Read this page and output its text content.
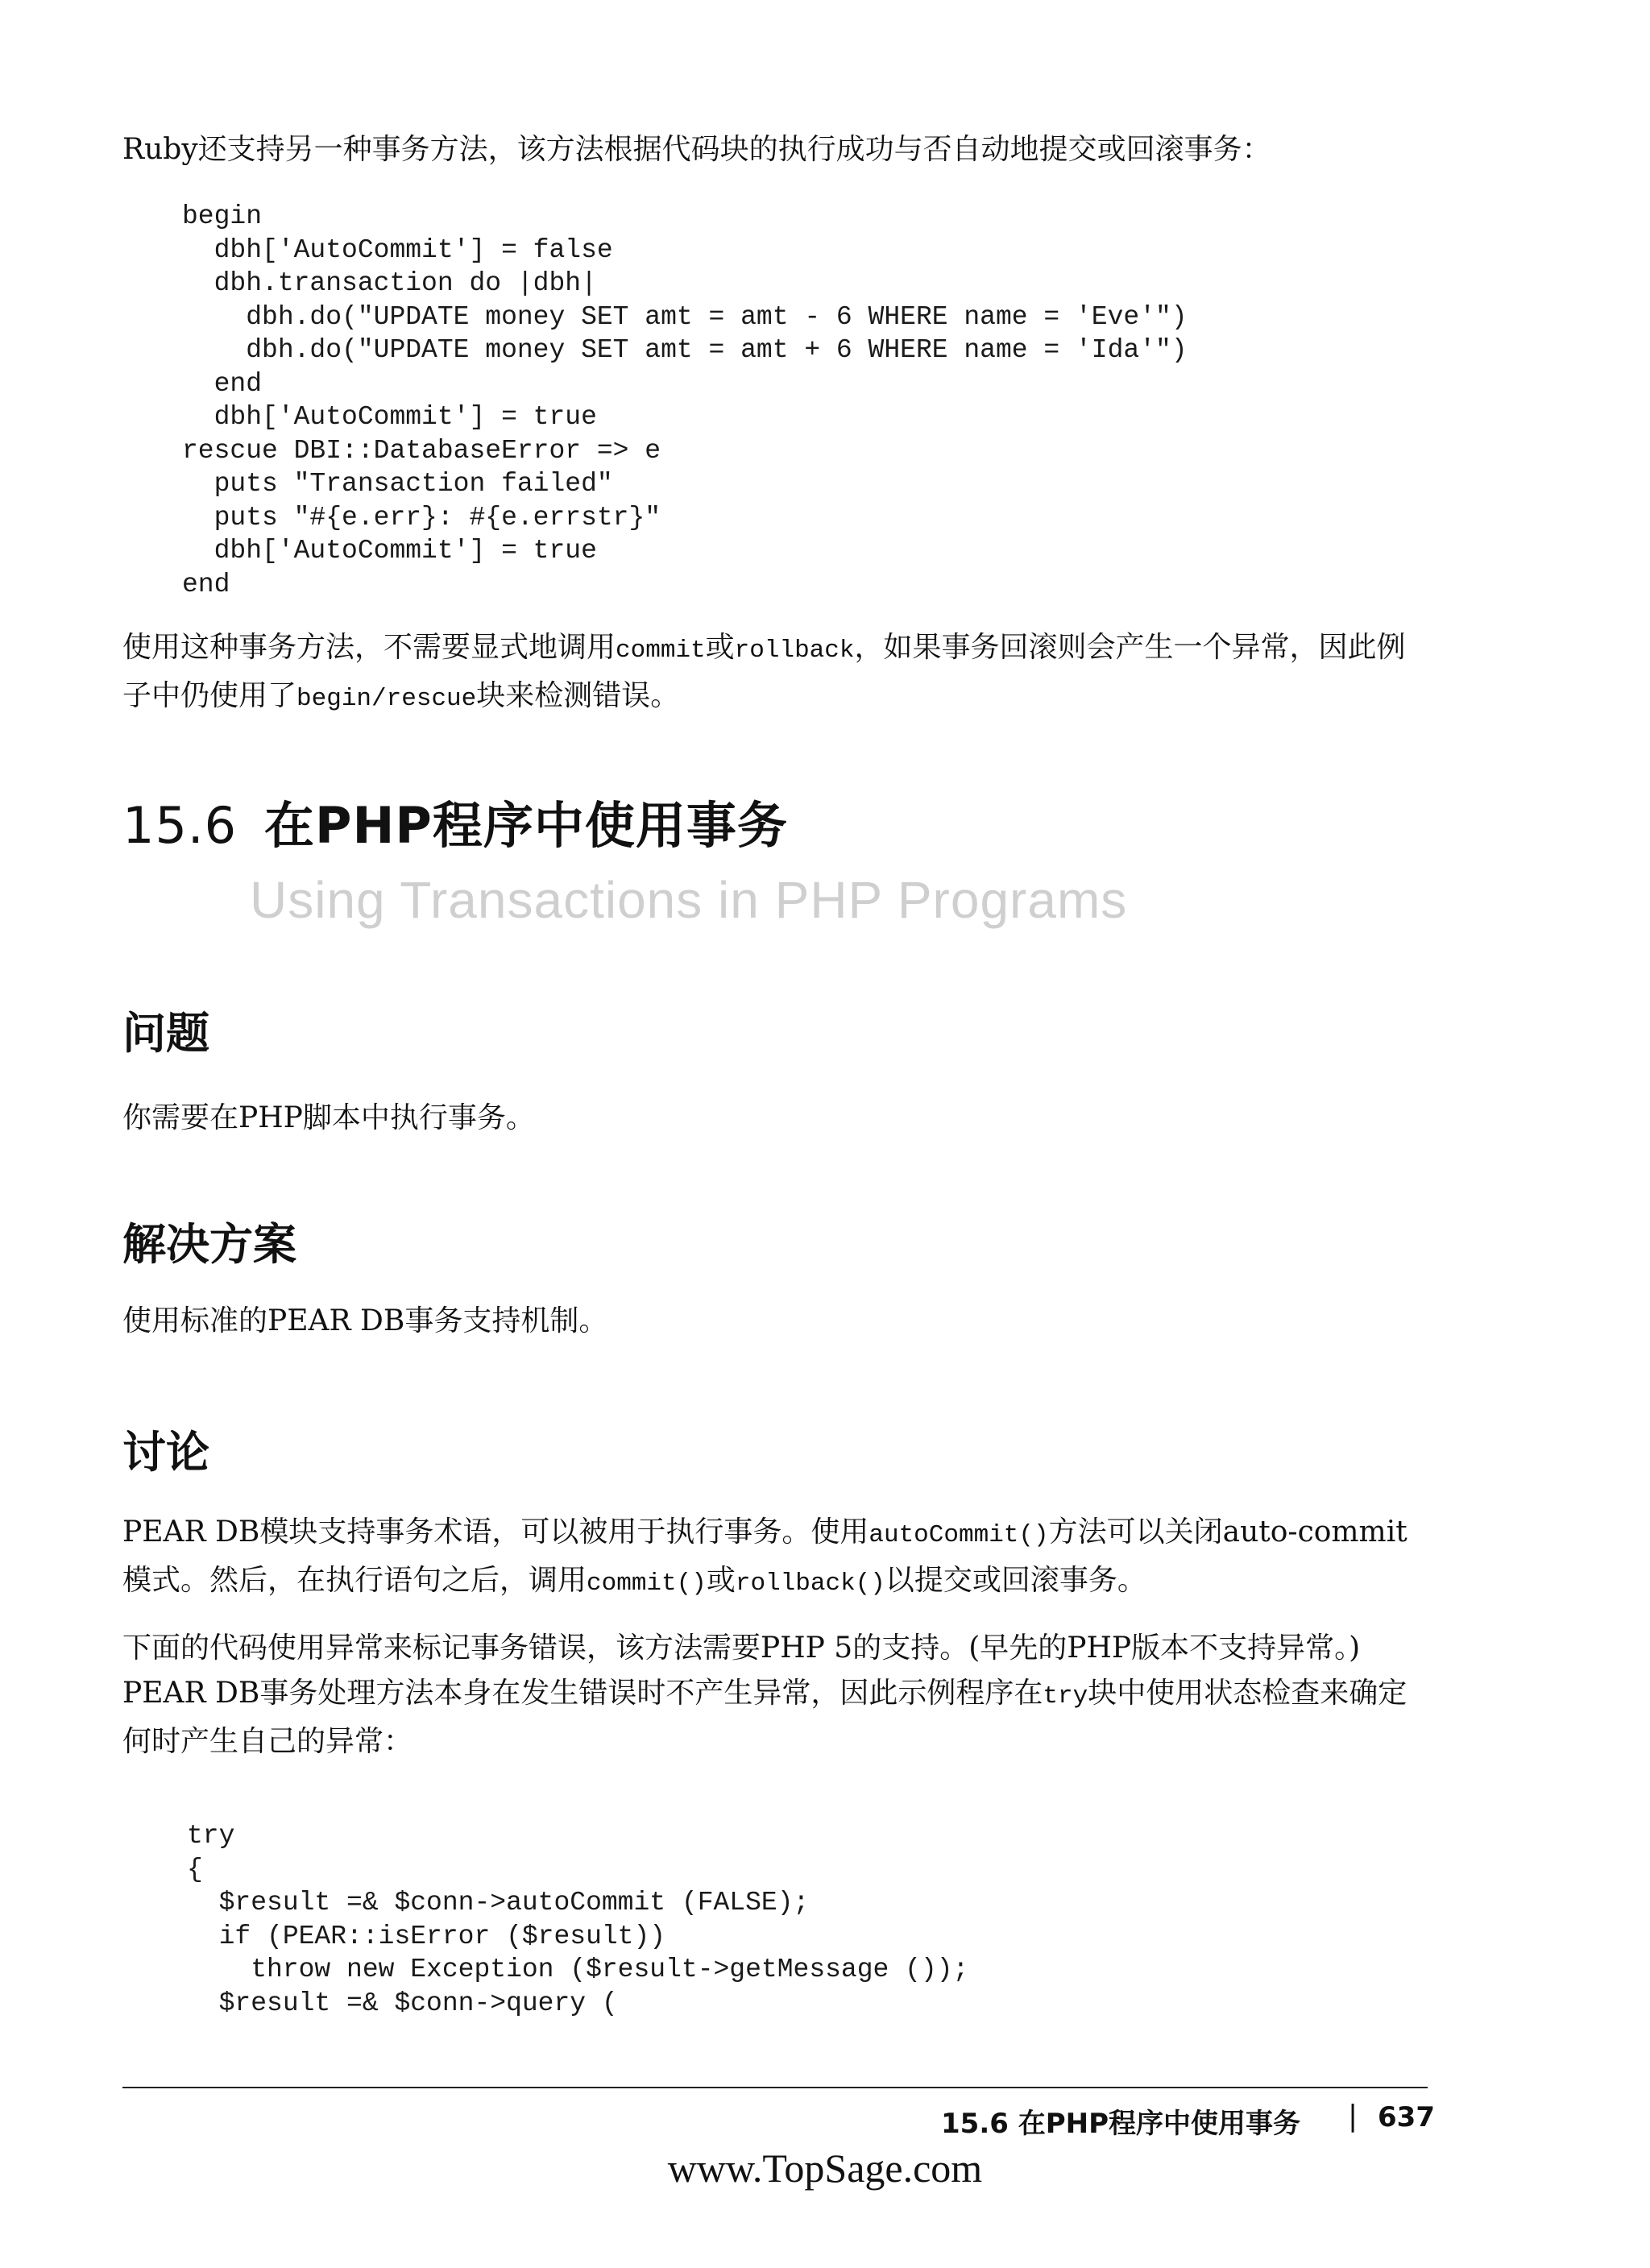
Ruby还支持另一种事务方法，该方法根据代码块的执行成功与否自动地提交或回滚事务：

begin
dbh['AutoCommit'] = false
dbh.transaction do |dbh|
dbh.do("UPDATE money SET amt = amt - 6 WHERE name = 'Eve'")
dbh.do("UPDATE money SET amt = amt + 6 WHERE name = 'Ida'")
end
dbh['AutoCommit'] = true
rescue DBI::DatabaseError => e
puts "Transaction failed"
puts "#{e.err}: #{e.errstr}"
dbh['AutoCommit'] = true
end

使用这种事务方法，不需要显式地调用commit或rollback，如果事务回滚则会产生一个异常，因此例子中仍使用了begin/rescue块来检测错误。

15.6 在PHP程序中使用事务
Using Transactions in PHP Programs
问题

你需要在PHP脚本中执行事务。

解决方案

使用标准的PEAR DB事务支持机制。

讨论

PEAR DB模块支持事务术语，可以被用于执行事务。使用autoCommit()方法可以关闭auto-commit模式。然后，在执行语句之后，调用commit()或rollback()以提交或回滚事务。

下面的代码使用异常来标记事务错误，该方法需要PHP 5的支持。(早先的PHP版本不支持异常。) PEAR DB事务处理方法本身在发生错误时不产生异常，因此示例程序在try块中使用状态检查来确定何时产生自己的异常：

try
{
$result =& $conn->autoCommit (FALSE);
if (PEAR::isError ($result))
throw new Exception ($result->getMessage ());
$result =& $conn->query (
15.6 在PHP程序中使用事务 | 637
www.TopSage.com
